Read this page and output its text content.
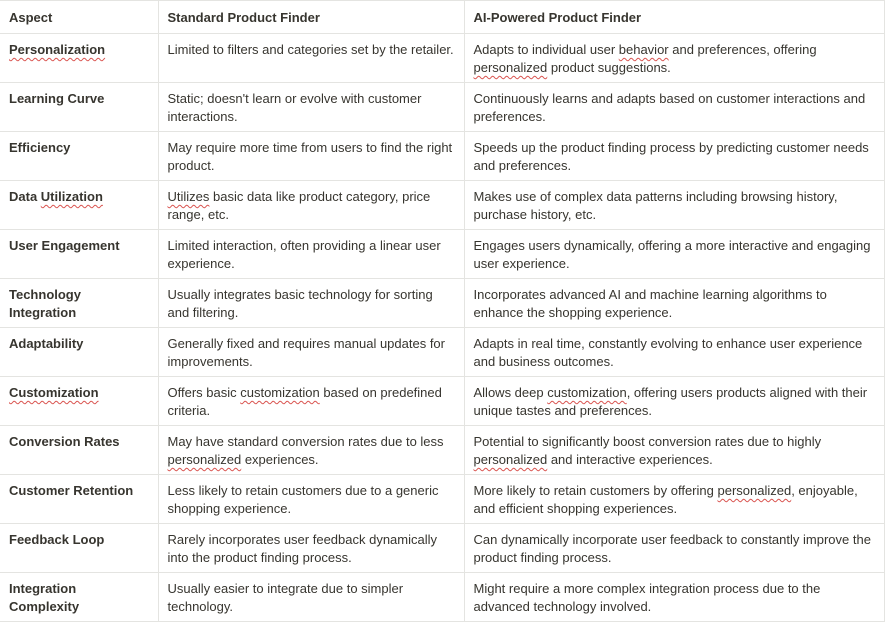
Aspect	Standard Product Finder	AI-Powered Product Finder
Personalization	Limited to filters and categories set by the retailer.	Adapts to individual user behavior and preferences, offering personalized product suggestions.
Learning Curve	Static; doesn't learn or evolve with customer interactions.	Continuously learns and adapts based on customer interactions and preferences.
Efficiency	May require more time from users to find the right product.	Speeds up the product finding process by predicting customer needs and preferences.
Data Utilization	Utilizes basic data like product category, price range, etc.	Makes use of complex data patterns including browsing history, purchase history, etc.
User Engagement	Limited interaction, often providing a linear user experience.	Engages users dynamically, offering a more interactive and engaging user experience.
Technology Integration	Usually integrates basic technology for sorting and filtering.	Incorporates advanced AI and machine learning algorithms to enhance the shopping experience.
Adaptability	Generally fixed and requires manual updates for improvements.	Adapts in real time, constantly evolving to enhance user experience and business outcomes.
Customization	Offers basic customization based on predefined criteria.	Allows deep customization, offering users products aligned with their unique tastes and preferences.
Conversion Rates	May have standard conversion rates due to less personalized experiences.	Potential to significantly boost conversion rates due to highly personalized and interactive experiences.
Customer Retention	Less likely to retain customers due to a generic shopping experience.	More likely to retain customers by offering personalized, enjoyable, and efficient shopping experiences.
Feedback Loop	Rarely incorporates user feedback dynamically into the product finding process.	Can dynamically incorporate user feedback to constantly improve the product finding process.
Integration Complexity	Usually easier to integrate due to simpler technology.	Might require a more complex integration process due to the advanced technology involved.
